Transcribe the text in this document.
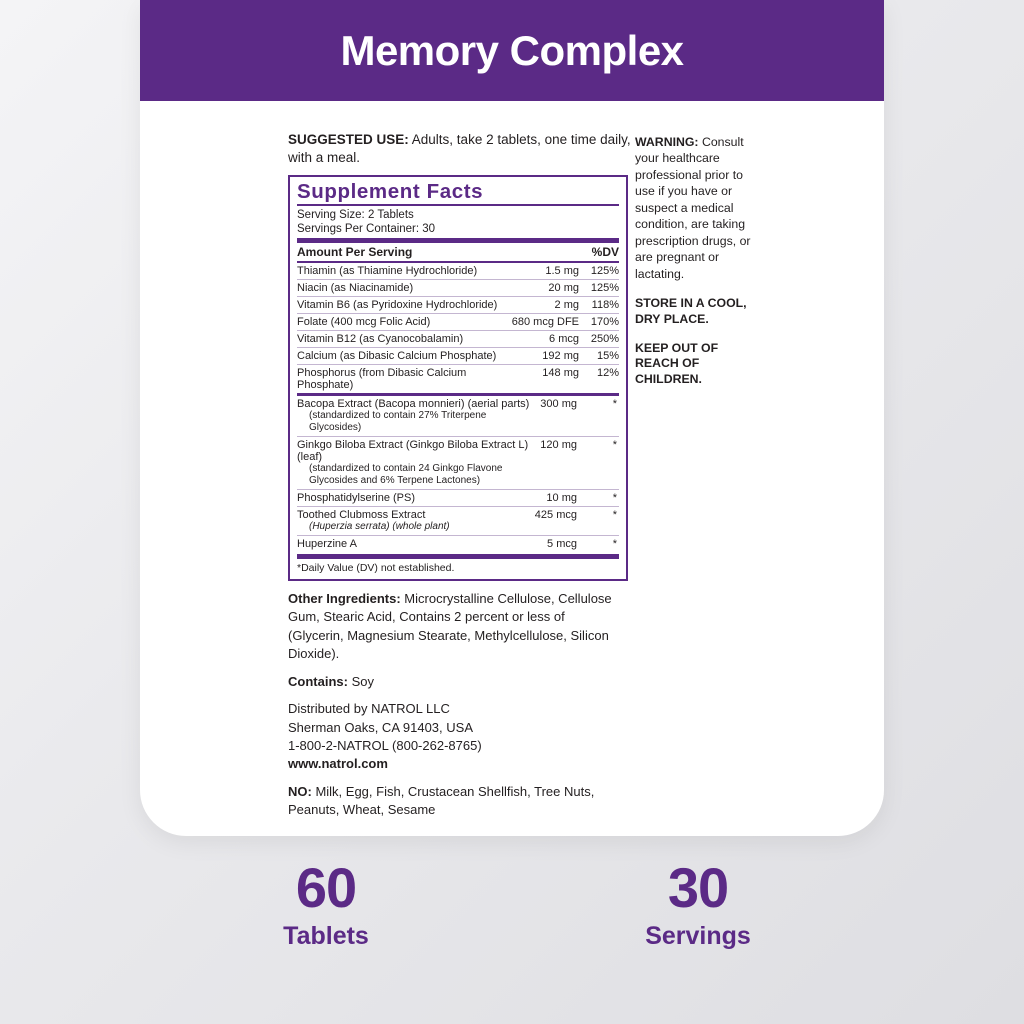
Memory Complex
SUGGESTED USE: Adults, take 2 tablets, one time daily, with a meal.
Supplement Facts
Serving Size: 2 Tablets
Servings Per Container: 30
Amount Per Serving		%DV
Thiamin (as Thiamine Hydrochloride)	1.5 mg	125%
Niacin (as Niacinamide)	20 mg	125%
Vitamin B6 (as Pyridoxine Hydrochloride)	2 mg	118%
Folate (400 mcg Folic Acid)	680 mcg DFE	170%
Vitamin B12 (as Cyanocobalamin)	6 mcg	250%
Calcium (as Dibasic Calcium Phosphate)	192 mg	15%
Phosphorus (from Dibasic Calcium Phosphate)	148 mg	12%
Bacopa Extract (Bacopa monnieri) (aerial parts)
(standardized to contain 27% Triterpene Glycosides)	300 mg	*
Ginkgo Biloba Extract (Ginkgo Biloba Extract L) (leaf)
(standardized to contain 24 Ginkgo Flavone Glycosides and 6% Terpene Lactones)	120 mg	*
Phosphatidylserine (PS)	10 mg	*
Toothed Clubmoss Extract
(Huperzia serrata) (whole plant)	425 mcg	*
Huperzine A	5 mcg	*
*Daily Value (DV) not established.
Other Ingredients: Microcrystalline Cellulose, Cellulose Gum, Stearic Acid, Contains 2 percent or less of (Glycerin, Magnesium Stearate, Methylcellulose, Silicon Dioxide).
Contains: Soy
Distributed by NATROL LLC
Sherman Oaks, CA 91403, USA
1-800-2-NATROL (800-262-8765)
www.natrol.com
NO: Milk, Egg, Fish, Crustacean Shellfish, Tree Nuts, Peanuts, Wheat, Sesame
WARNING: Consult your healthcare professional prior to use if you have or suspect a medical condition, are taking prescription drugs, or are pregnant or lactating.
STORE IN A COOL, DRY PLACE.
KEEP OUT OF REACH OF CHILDREN.
60
Tablets
30
Servings
